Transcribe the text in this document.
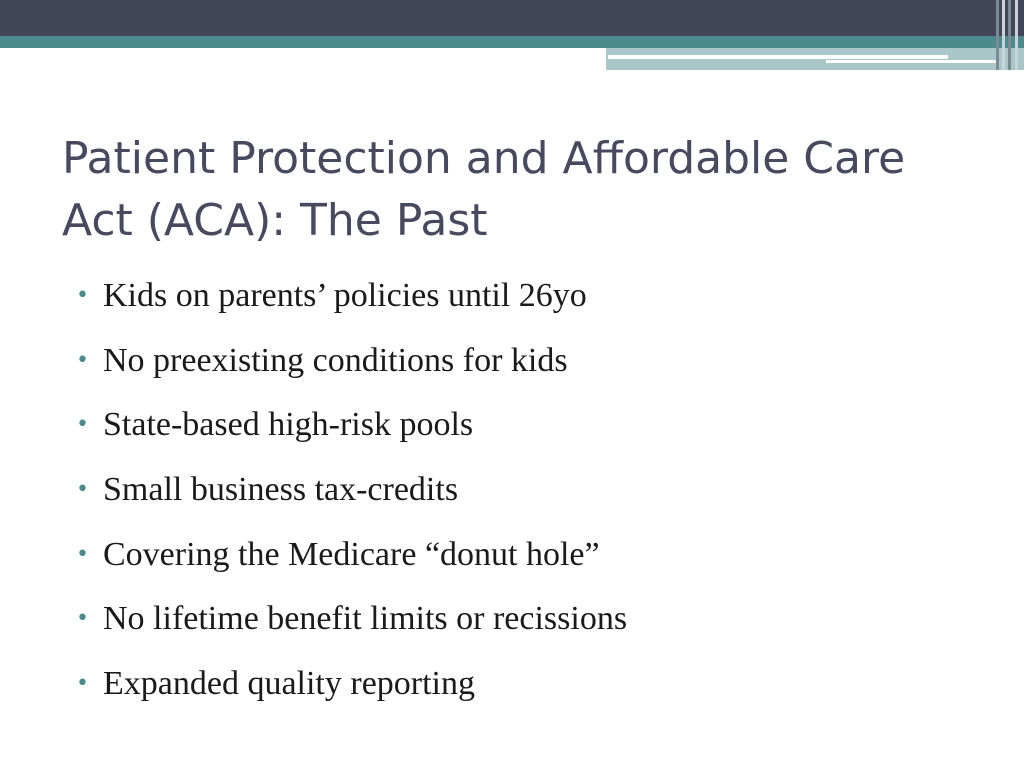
Patient Protection and Affordable Care Act (ACA): The Past
• Kids on parents’ policies until 26yo
• No preexisting conditions for kids
• State-based high-risk pools
• Small business tax-credits
• Covering the Medicare “donut hole”
• No lifetime benefit limits or recissions
• Expanded quality reporting
